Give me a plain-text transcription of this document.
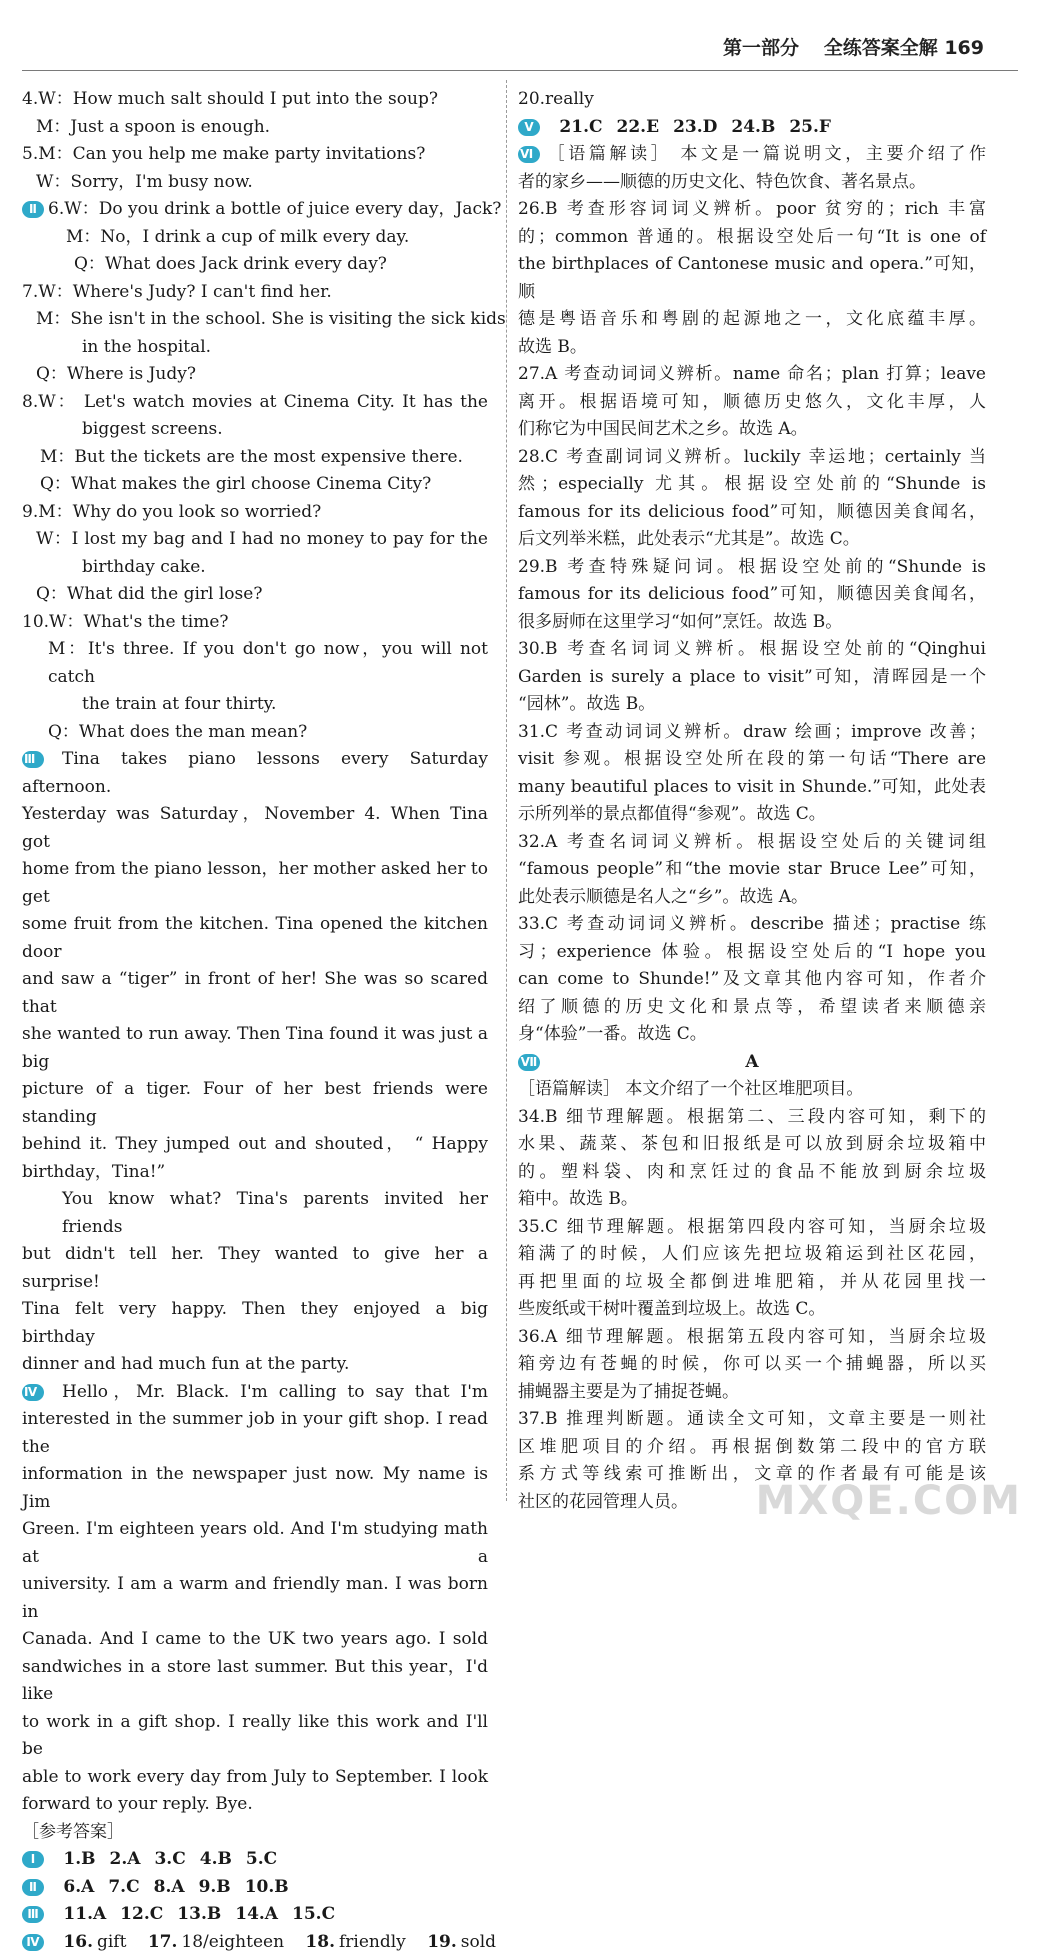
第一部分 全练答案全解 169
4.W：How much salt should I put into the soup?
M：Just a spoon is enough.
5.M：Can you help me make party invitations?
W：Sorry，I'm busy now.
Ⅱ 6.W：Do you drink a bottle of juice every day，Jack?
M：No，I drink a cup of milk every day.
Q：What does Jack drink every day?
7.W：Where's Judy? I can't find her.
M：She isn't in the school. She is visiting the sick kids
in the hospital.
Q：Where is Judy?
8.W： Let's watch movies at Cinema City. It has the
biggest screens.
M：But the tickets are the most expensive there.
Q：What makes the girl choose Cinema City?
9.M：Why do you look so worried?
W：I lost my bag and I had no money to pay for the
birthday cake.
Q：What did the girl lose?
10.W：What's the time?
M：It's three. If you don't go now，you will not catch
the train at four thirty.
Q：What does the man mean?
Ⅲ Tina takes piano lessons every Saturday afternoon.
Yesterday was Saturday，November 4. When Tina got
home from the piano lesson，her mother asked her to get
some fruit from the kitchen. Tina opened the kitchen door
and saw a “tiger” in front of her! She was so scared that
she wanted to run away. Then Tina found it was just a big
picture of a tiger. Four of her best friends were standing
behind it. They jumped out and shouted， “ Happy
birthday，Tina!”
You know what? Tina's parents invited her friends
but didn't tell her. They wanted to give her a surprise!
Tina felt very happy. Then they enjoyed a big birthday
dinner and had much fun at the party.
Ⅳ Hello，Mr. Black. I'm calling to say that I'm
interested in the summer job in your gift shop. I read the
information in the newspaper just now. My name is Jim
Green. I'm eighteen years old. And I'm studying math at a
university. I am a warm and friendly man. I was born in
Canada. And I came to the UK two years ago. I sold
sandwiches in a store last summer. But this year，I'd like
to work in a gift shop. I really like this work and I'll be
able to work every day from July to September. I look
forward to your reply. Bye.
［参考答案］
Ⅰ 1.B 2.A 3.C 4.B 5.C
Ⅱ 6.A 7.C 8.A 9.B 10.B
Ⅲ 11.A 12.C 13.B 14.A 15.C
Ⅳ 16. gift 17. 18/eighteen 18. friendly 19. sold
20.really
Ⅴ 21.C 22.E 23.D 24.B 25.F
Ⅵ ［语篇解读］ 本文是一篇说明文，主要介绍了作
者的家乡——顺德的历史文化、特色饮食、著名景点。
26.B 考查形容词词义辨析。poor 贫穷的；rich 丰富
的；common 普通的。根据设空处后一句“It is one of
the birthplaces of Cantonese music and opera.”可知，顺
德是粤语音乐和粤剧的起源地之一，文化底蕴丰厚。
故选 B。
27.A 考查动词词义辨析。name 命名；plan 打算；leave
离开。根据语境可知，顺德历史悠久，文化丰厚，人
们称它为中国民间艺术之乡。故选 A。
28.C 考查副词词义辨析。luckily 幸运地；certainly 当
然；especially 尤其。根据设空处前的“Shunde is
famous for its delicious food”可知，顺德因美食闻名，
后文列举米糕，此处表示“尤其是”。故选 C。
29.B 考查特殊疑问词。根据设空处前的“Shunde is
famous for its delicious food”可知，顺德因美食闻名，
很多厨师在这里学习“如何”烹饪。故选 B。
30.B 考查名词词义辨析。根据设空处前的“Qinghui
Garden is surely a place to visit”可知，清晖园是一个
“园林”。故选 B。
31.C 考查动词词义辨析。draw 绘画；improve 改善；
visit 参观。根据设空处所在段的第一句话“There are
many beautiful places to visit in Shunde.”可知，此处表
示所列举的景点都值得“参观”。故选 C。
32.A 考查名词词义辨析。根据设空处后的关键词组
“famous people”和“the movie star Bruce Lee”可知，
此处表示顺德是名人之“乡”。故选 A。
33.C 考查动词词义辨析。describe 描述；practise 练
习；experience 体验。根据设空处后的“I hope you
can come to Shunde!”及文章其他内容可知，作者介
绍了顺德的历史文化和景点等，希望读者来顺德亲
身“体验”一番。故选 C。
Ⅶ	A
［语篇解读］ 本文介绍了一个社区堆肥项目。
34.B 细节理解题。根据第二、三段内容可知，剩下的
水果、蔬菜、茶包和旧报纸是可以放到厨余垃圾箱中
的。塑料袋、肉和烹饪过的食品不能放到厨余垃圾
箱中。故选 B。
35.C 细节理解题。根据第四段内容可知，当厨余垃圾
箱满了的时候，人们应该先把垃圾箱运到社区花园，
再把里面的垃圾全都倒进堆肥箱，并从花园里找一
些废纸或干树叶覆盖到垃圾上。故选 C。
36.A 细节理解题。根据第五段内容可知，当厨余垃圾
箱旁边有苍蝇的时候，你可以买一个捕蝇器，所以买
捕蝇器主要是为了捕捉苍蝇。
37.B 推理判断题。通读全文可知，文章主要是一则社
区堆肥项目的介绍。再根据倒数第二段中的官方联
系方式等线索可推断出，文章的作者最有可能是该
社区的花园管理人员。	MXQE.COM
